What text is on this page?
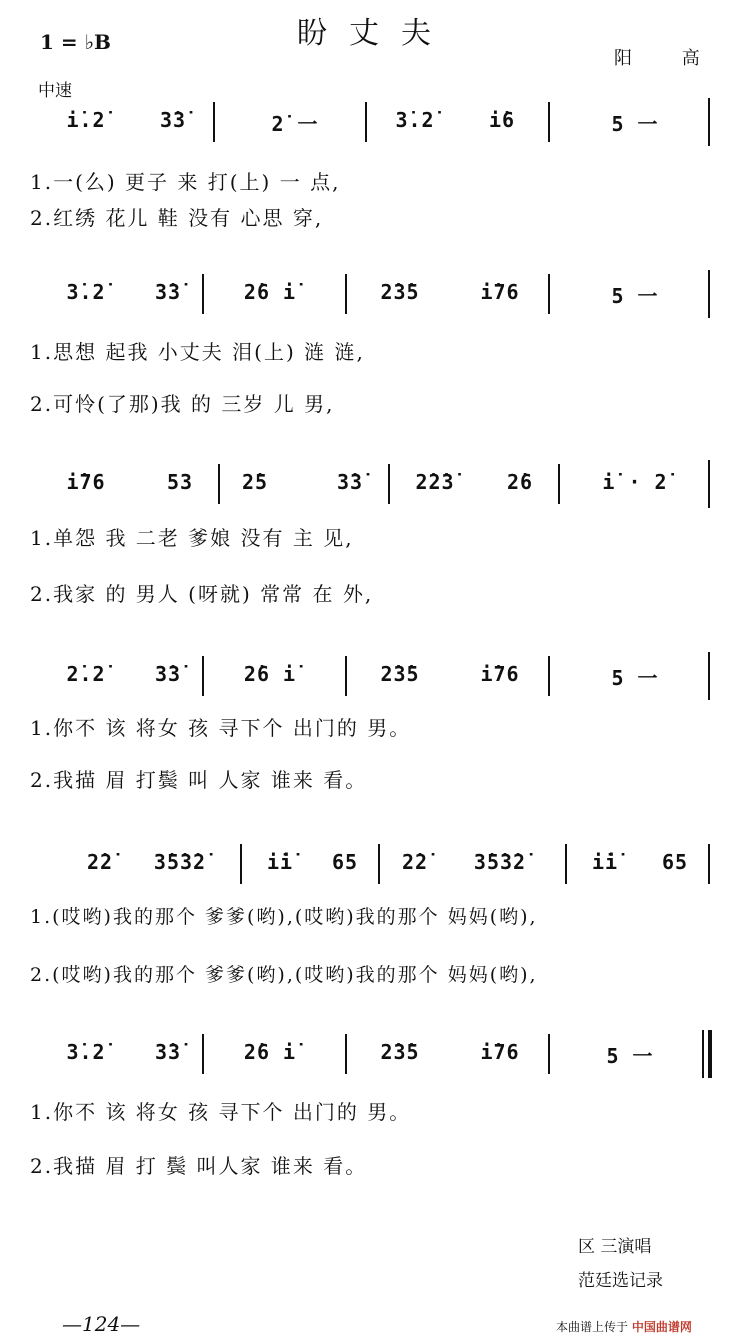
盼丈夫
1 = ♭B
阳 高
中速
i̇.2̇	3̇3̇	2̇ 一	3̇.2̇	i̇6	5 一
1.一(么) 更子 来 打(上) 一 点,
2.红绣 花儿 鞋 没有 心思 穿,
3̇.2̇	3̇3̇	2̇6 i̇	2̇3̇5	i̇76	5 一
1.思想 起我 小丈夫 泪(上) 涟 涟,
2.可怜(了那)我 的 三岁 儿 男,
i̇76	53	2̇5	3̇3̇	2̇2̇3̇	2̇6	i̇ · 2̇
1.单怨 我 二老 爹娘 没有 主 见,
2.我家 的 男人 (呀就) 常常 在 外,
2̇.2̇	3̇3̇	2̇6 i̇	2̇3̇5	i̇76	5 一
1.你不 该 将女 孩 寻下个 出门的 男。
2.我描 眉 打鬓 叫 人家 谁来 看。
2̇2̇	3̇5̇3̇2̇	i̇i̇	65	2̇2̇	3̇5̇3̇2̇	i̇i̇	65
1.(哎哟)我的那个 爹爹(哟),(哎哟)我的那个 妈妈(哟),
2.(哎哟)我的那个 爹爹(哟),(哎哟)我的那个 妈妈(哟),
3̇.2̇	3̇3̇	2̇6 i̇	2̇3̇5	i̇76	5 一
1.你不 该 将女 孩 寻下个 出门的 男。
2.我描 眉 打 鬓 叫人家 谁来 看。
区 三演唱
范廷选记录
—124—	本曲谱上传于 中国曲谱网
